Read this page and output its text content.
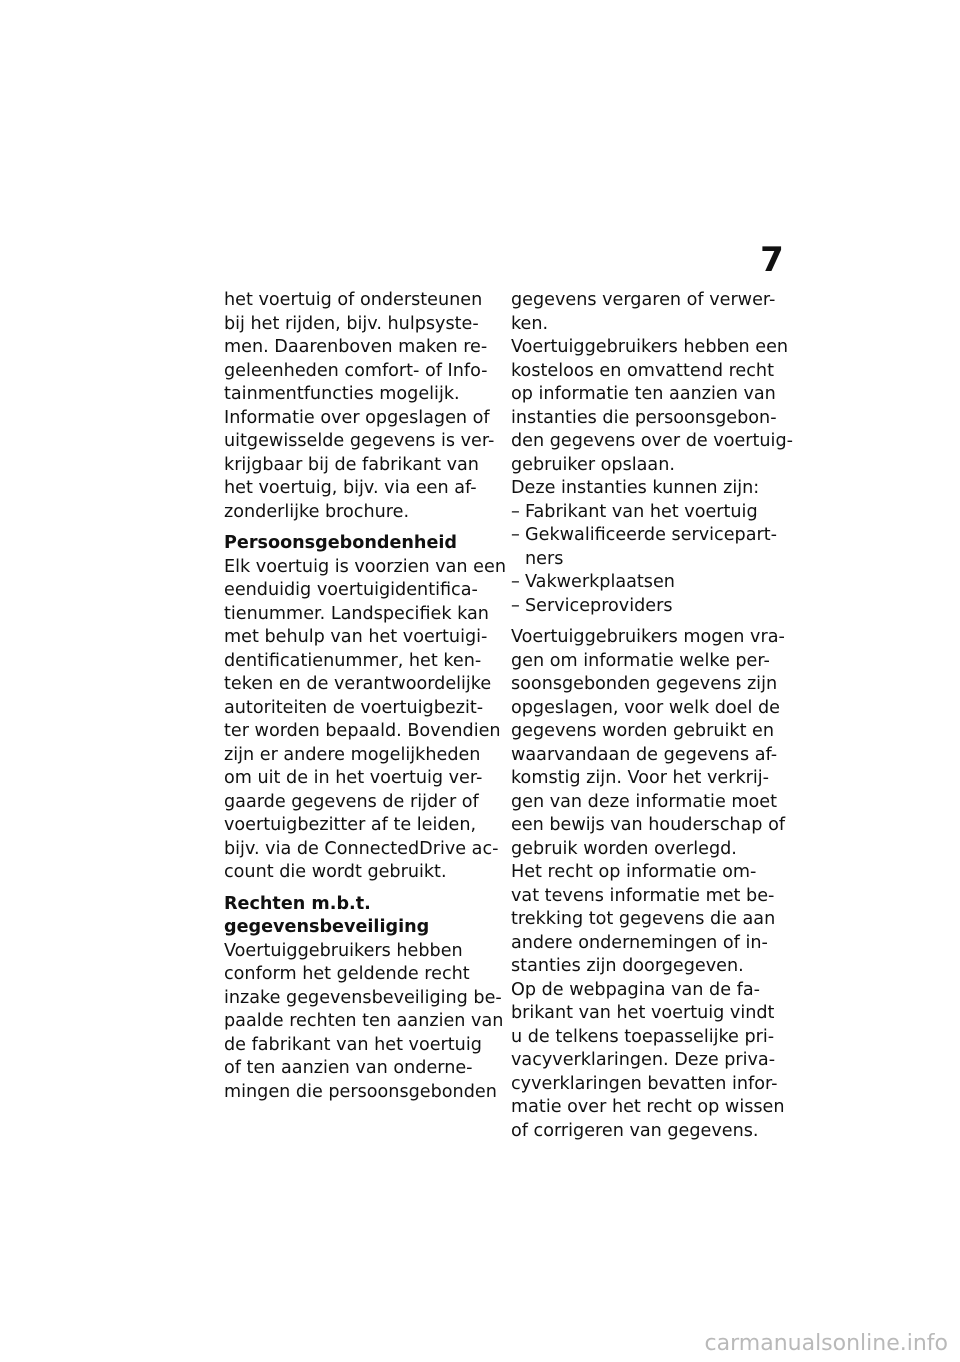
7
het voertuig of ondersteunen
bij het rijden, bijv. hulpsyste-
men. Daarenboven maken re-
geleenheden comfort- of Info-
tainmentfuncties mogelijk.
Informatie over opgeslagen of
uitgewisselde gegevens is ver-
krijgbaar bij de fabrikant van
het voertuig, bijv. via een af-
zonderlijke brochure.
Persoonsgebondenheid
Elk voertuig is voorzien van een
eenduidig voertuigidentifica-
tienummer. Landspecifiek kan
met behulp van het voertuigi-
dentificatienummer, het ken-
teken en de verantwoordelijke
autoriteiten de voertuigbezit-
ter worden bepaald. Bovendien
zijn er andere mogelijkheden
om uit de in het voertuig ver-
gaarde gegevens de rijder of
voertuigbezitter af te leiden,
bijv. via de ConnectedDrive ac-
count die wordt gebruikt.
Rechten m.b.t.
gegevensbeveiliging
Voertuiggebruikers hebben
conform het geldende recht
inzake gegevensbeveiliging be-
paalde rechten ten aanzien van
de fabrikant van het voertuig
of ten aanzien van onderne-
mingen die persoonsgebonden
gegevens vergaren of verwer-
ken.
Voertuiggebruikers hebben een
kosteloos en omvattend recht
op informatie ten aanzien van
instanties die persoonsgebon-
den gegevens over de voertuig-
gebruiker opslaan.
Deze instanties kunnen zijn:
– Fabrikant van het voertuig
– Gekwalificeerde servicepart-
ners
– Vakwerkplaatsen
– Serviceproviders
Voertuiggebruikers mogen vra-
gen om informatie welke per-
soonsgebonden gegevens zijn
opgeslagen, voor welk doel de
gegevens worden gebruikt en
waarvandaan de gegevens af-
komstig zijn. Voor het verkrij-
gen van deze informatie moet
een bewijs van houderschap of
gebruik worden overlegd.
Het recht op informatie om-
vat tevens informatie met be-
trekking tot gegevens die aan
andere ondernemingen of in-
stanties zijn doorgegeven.
Op de webpagina van de fa-
brikant van het voertuig vindt
u de telkens toepasselijke pri-
vacyverklaringen. Deze priva-
cyverklaringen bevatten infor-
matie over het recht op wissen
of corrigeren van gegevens.
carmanualsonline.info
